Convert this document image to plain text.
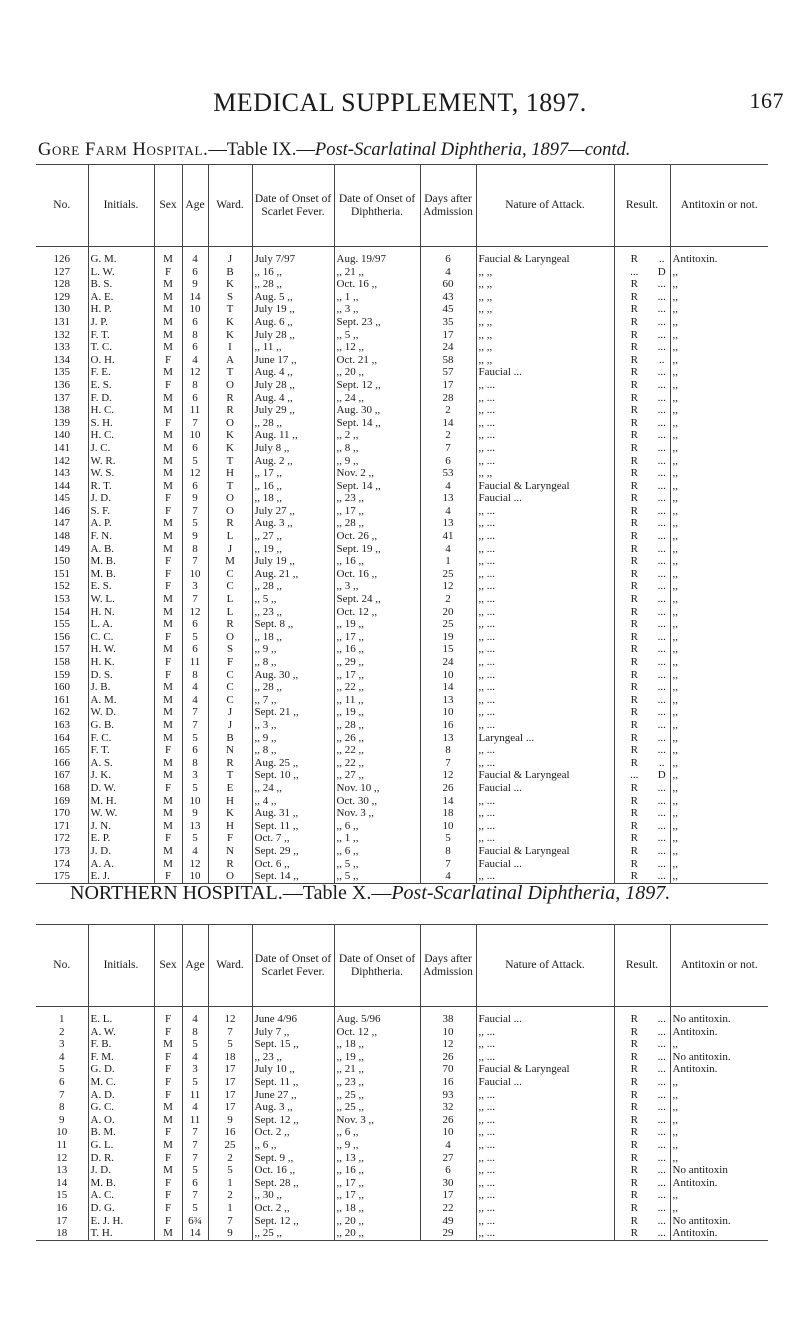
MEDICAL SUPPLEMENT, 1897.	167
Gore Farm Hospital.—Table IX.—Post-Scarlatinal Diphtheria, 1897—contd.
No.	Initials.	Sex	Age	Ward.	Date of Onset of Scarlet Fever.	Date of Onset of Diphtheria.	Days after Admission	Nature of Attack.	Result.		Antitoxin or not.
126	G. M.	M	4	J	July 7/97	Aug. 19/97	6	Faucial & Laryngeal	R	..	Antitoxin.
127	L. W.	F	6	B	,, 16 ,,	,, 21 ,,	4	,, ,,	...	D	,,
128	B. S.	M	9	K	,, 28 ,,	Oct. 16 ,,	60	,, ,,	R	...	,,
129	A. E.	M	14	S	Aug. 5 ,,	,, 1 ,,	43	,, ,,	R	...	,,
130	H. P.	M	10	T	July 19 ,,	,, 3 ,,	45	,, ,,	R	...	,,
131	J. P.	M	6	K	Aug. 6 ,,	Sept. 23 ,,	35	,, ,,	R	...	,,
132	F. T.	M	8	K	July 28 ,,	,, 5 ,,	17	,, ,,	R	...	,,
133	T. C.	M	6	I	,, 11 ,,	,, 12 ,,	24	,, ,,	R	...	,,
134	O. H.	F	4	A	June 17 ,,	Oct. 21 ,,	58	,, ,,	R	..	,,
135	F. E.	M	12	T	Aug. 4 ,,	,, 20 ,,	57	Faucial ...	R	...	,,
136	E. S.	F	8	O	July 28 ,,	Sept. 12 ,,	17	,, ...	R	...	,,
137	F. D.	M	6	R	Aug. 4 ,,	,, 24 ,,	28	,, ...	R	...	,,
138	H. C.	M	11	R	July 29 ,,	Aug. 30 ,,	2	,, ...	R	...	,,
139	S. H.	F	7	O	,, 28 ,,	Sept. 14 ,,	14	,, ...	R	...	,,
140	H. C.	M	10	K	Aug. 11 ,,	,, 2 ,,	2	,, ...	R	...	,,
141	J. C.	M	6	K	July 8 ,,	,, 8 ,,	7	,, ...	R	...	,,
142	W. R.	M	5	T	Aug. 2 ,,	,, 9 ,,	6	,, ...	R	...	,,
143	W. S.	M	12	H	,, 17 ,,	Nov. 2 ,,	53	,, ,,	R	...	,,
144	R. T.	M	6	T	,, 16 ,,	Sept. 14 ,,	4	Faucial & Laryngeal	R	...	,,
145	J. D.	F	9	O	,, 18 ,,	,, 23 ,,	13	Faucial ...	R	...	,,
146	S. F.	F	7	O	July 27 ,,	,, 17 ,,	4	,, ...	R	...	,,
147	A. P.	M	5	R	Aug. 3 ,,	,, 28 ,,	13	,, ...	R	...	,,
148	F. N.	M	9	L	,, 27 ,,	Oct. 26 ,,	41	,, ...	R	...	,,
149	A. B.	M	8	J	,, 19 ,,	Sept. 19 ,,	4	,, ...	R	...	,,
150	M. B.	F	7	M	July 19 ,,	,, 16 ,,	1	,, ...	R	...	,,
151	M. B.	F	10	C	Aug. 21 ,,	Oct. 16 ,,	25	,, ...	R	...	,,
152	E. S.	F	3	C	,, 28 ,,	,, 3 ,,	12	,, ...	R	...	,,
153	W. L.	M	7	L	,, 5 ,,	Sept. 24 ,,	2	,, ...	R	...	,,
154	H. N.	M	12	L	,, 23 ,,	Oct. 12 ,,	20	,, ...	R	...	,,
155	L. A.	M	6	R	Sept. 8 ,,	,, 19 ,,	25	,, ...	R	...	,,
156	C. C.	F	5	O	,, 18 ,,	,, 17 ,,	19	,, ...	R	...	,,
157	H. W.	M	6	S	,, 9 ,,	,, 16 ,,	15	,, ...	R	...	,,
158	H. K.	F	11	F	,, 8 ,,	,, 29 ,,	24	,, ...	R	...	,,
159	D. S.	F	8	C	Aug. 30 ,,	,, 17 ,,	10	,, ...	R	...	,,
160	J. B.	M	4	C	,, 28 ,,	,, 22 ,,	14	,, ...	R	...	,,
161	A. M.	M	4	C	,, 7 ,,	,, 11 ,,	13	,, ...	R	...	,,
162	W. D.	M	7	J	Sept. 21 ,,	,, 19 ,,	10	,, ...	R	...	,,
163	G. B.	M	7	J	,, 3 ,,	,, 28 ,,	16	,, ...	R	...	,,
164	F. C.	M	5	B	,, 9 ,,	,, 26 ,,	13	Laryngeal ...	R	...	,,
165	F. T.	F	6	N	,, 8 ,,	,, 22 ,,	8	,, ...	R	...	,,
166	A. S.	M	8	R	Aug. 25 ,,	,, 22 ,,	7	,, ...	R	..	,,
167	J. K.	M	3	T	Sept. 10 ,,	,, 27 ,,	12	Faucial & Laryngeal	...	D	,,
168	D. W.	F	5	E	,, 24 ,,	Nov. 10 ,,	26	Faucial ...	R	...	,,
169	M. H.	M	10	H	,, 4 ,,	Oct. 30 ,,	14	,, ...	R	...	,,
170	W. W.	M	9	K	Aug. 31 ,,	Nov. 3 ,,	18	,, ...	R	...	,,
171	J. N.	M	13	H	Sept. 11 ,,	,, 6 ,,	10	,, ...	R	...	,,
172	E. P.	F	5	F	Oct. 7 ,,	,, 1 ,,	5	,, ...	R	...	,,
173	J. D.	M	4	N	Sept. 29 ,,	,, 6 ,,	8	Faucial & Laryngeal	R	...	,,
174	A. A.	M	12	R	Oct. 6 ,,	,, 5 ,,	7	Faucial ...	R	...	,,
175	E. J.	F	10	O	Sept. 14 ,,	,, 5 ,,	4	,, ...	R	...	,,
NORTHERN HOSPITAL.—Table X.—Post-Scarlatinal Diphtheria, 1897.
No.	Initials.	Sex	Age	Ward.	Date of Onset of Scarlet Fever.	Date of Onset of Diphtheria.	Days after Admission	Nature of Attack.	Result.		Antitoxin or not.
1	E. L.	F	4	12	June 4/96	Aug. 5/96	38	Faucial ...	R	...	No antitoxin.
2	A. W.	F	8	7	July 7 ,,	Oct. 12 ,,	10	,, ...	R	...	Antitoxin.
3	F. B.	M	5	5	Sept. 15 ,,	,, 18 ,,	12	,, ...	R	...	,,
4	F. M.	F	4	18	,, 23 ,,	,, 19 ,,	26	,, ...	R	...	No antitoxin.
5	G. D.	F	3	17	July 10 ,,	,, 21 ,,	70	Faucial & Laryngeal	R	...	Antitoxin.
6	M. C.	F	5	17	Sept. 11 ,,	,, 23 ,,	16	Faucial ...	R	...	,,
7	A. D.	F	11	17	June 27 ,,	,, 25 ,,	93	,, ...	R	...	,,
8	G. C.	M	4	17	Aug. 3 ,,	,, 25 ,,	32	,, ...	R	...	,,
9	A. O.	M	11	9	Sept. 12 ,,	Nov. 3 ,,	26	,, ...	R	...	,,
10	B. M.	F	7	16	Oct. 2 ,,	,, 6 ,,	10	,, ...	R	...	,,
11	G. L.	M	7	25	,, 6 ,,	,, 9 ,,	4	,, ...	R	...	,,
12	D. R.	F	7	2	Sept. 9 ,,	,, 13 ,,	27	,, ...	R	...	,,
13	J. D.	M	5	5	Oct. 16 ,,	,, 16 ,,	6	,, ...	R	...	No antitoxin
14	M. B.	F	6	1	Sept. 28 ,,	,, 17 ,,	30	,, ...	R	...	Antitoxin.
15	A. C.	F	7	2	,, 30 ,,	,, 17 ,,	17	,, ...	R	...	,,
16	D. G.	F	5	1	Oct. 2 ,,	,, 18 ,,	22	,, ...	R	...	,,
17	E. J. H.	F	6¾	7	Sept. 12 ,,	,, 20 ,,	49	,, ...	R	...	No antitoxin.
18	T. H.	M	14	9	,, 25 ,,	,, 20 ,,	29	,, ...	R	...	Antitoxin.
